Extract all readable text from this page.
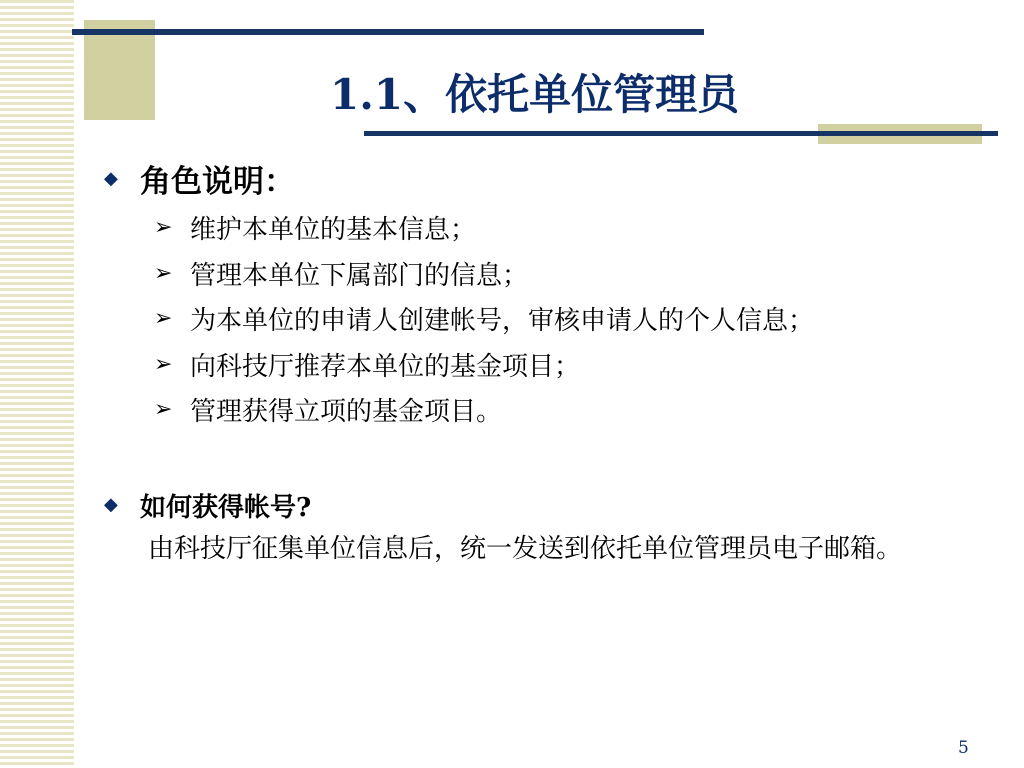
1.1、依托单位管理员
◆ 角色说明：
➢ 维护本单位的基本信息；
➢ 管理本单位下属部门的信息；
➢ 为本单位的申请人创建帐号，审核申请人的个人信息；
➢ 向科技厅推荐本单位的基金项目；
➢ 管理获得立项的基金项目。
◆ 如何获得帐号?
由科技厅征集单位信息后，统一发送到依托单位管理员电子邮箱。
5
